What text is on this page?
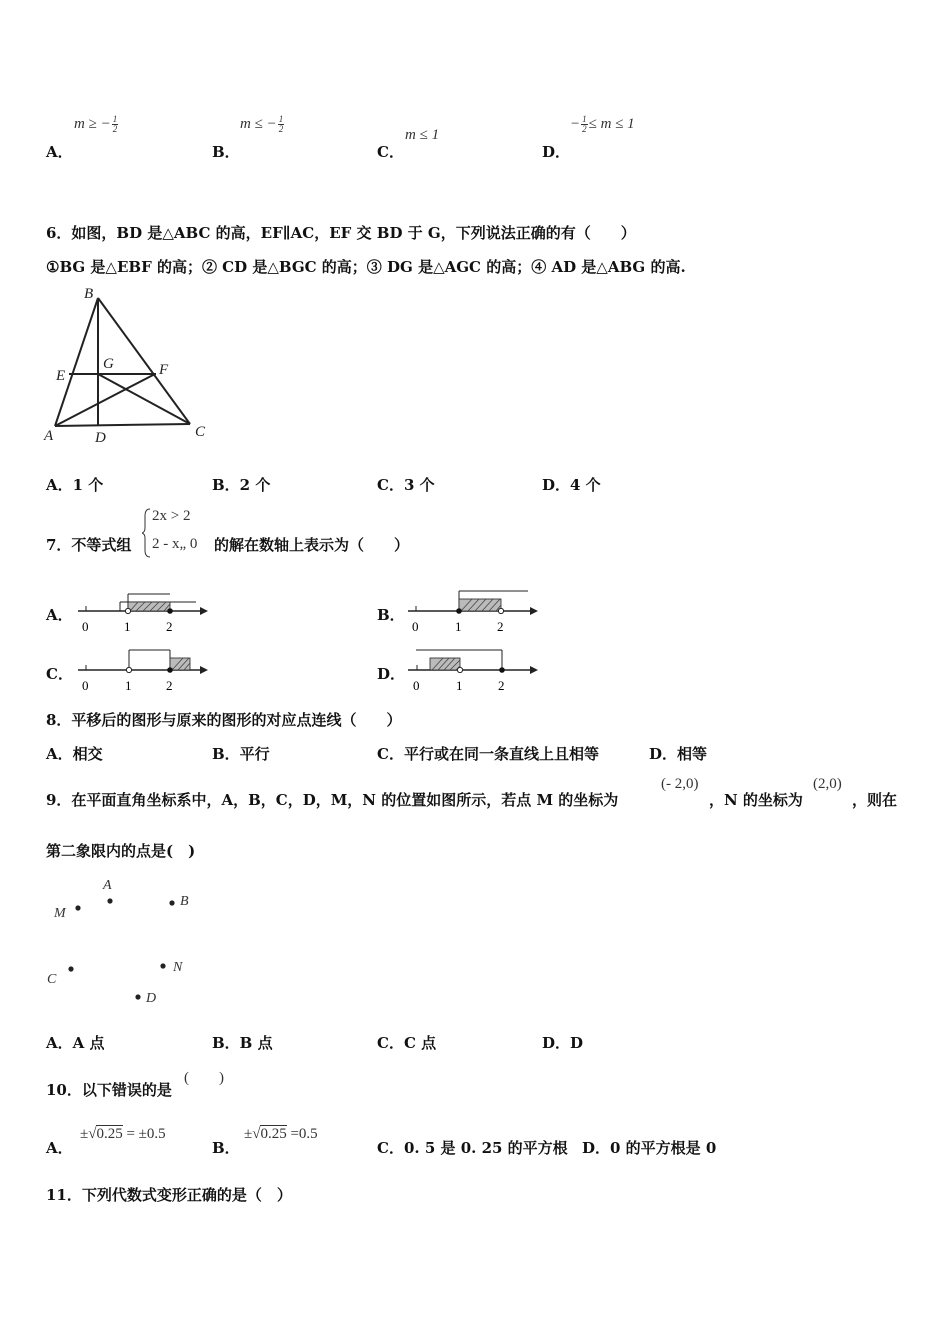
m ≥ − $\frac{1}{2}$
A．
m ≤ − $\frac{1}{2}$
B．
m ≤ 1
C．
− $\frac{1}{2} \le m \le 1$
D．
6．如图，BD 是△ABC 的高，EF∥AC，EF 交 BD 于 G，下列说法正确的有（　　）
①BG 是△EBF 的高；② CD 是△BGC 的高；③ DG 是△AGC 的高；④ AD 是△ABG 的高.
B
E
G	F
A	D	C
A．1 个	B．2 个	C．3 个	D．4 个
7．不等式组
2x > 2
2 - x„ 0 的解在数轴上表示为（　　）
A．
0	1	2
B．
0	1	2
C．
0	1	2
D．
0	1	2
8．平移后的图形与原来的图形的对应点连线（　　）
A．相交	B．平行	C．平行或在同一条直线上且相等	D．相等
9．在平面直角坐标系中，A，B，C，D，M，N 的位置如图所示，若点 M 的坐标为
(- 2,0)
，N 的坐标为
(2,0)
，则在
第二象限内的点是(　)
A
B
M
C
N
D
A．A 点	B．B 点	C．C 点	D．D
10．以下错误的是
(　　)
A．
±√0.25 = ±0.5
B．
±√0.25 =0.5
C．0. 5 是 0. 25 的平方根 D．0 的平方根是 0
11．下列代数式变形正确的是（　）
